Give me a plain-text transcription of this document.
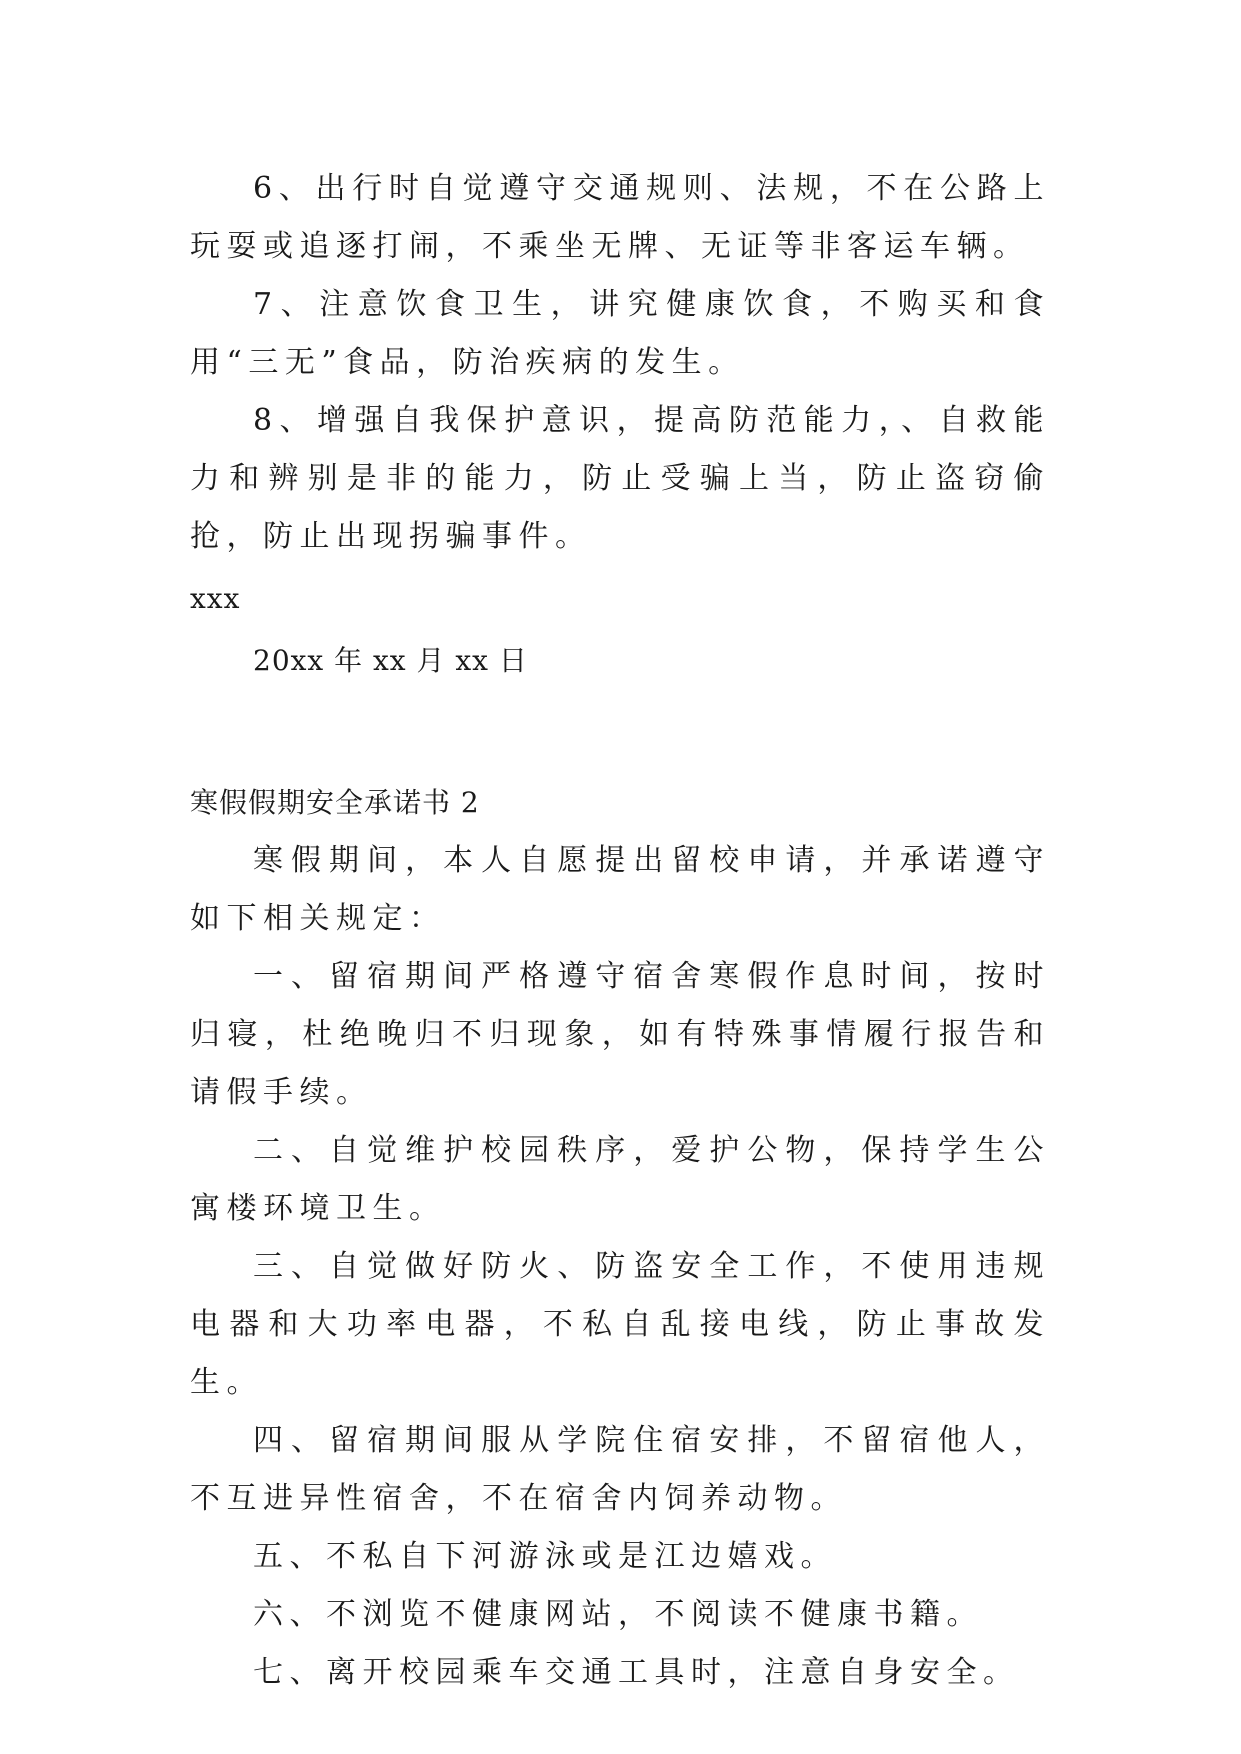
6、出行时自觉遵守交通规则、法规，不在公路上玩耍或追逐打闹，不乘坐无牌、无证等非客运车辆。

7、注意饮食卫生，讲究健康饮食，不购买和食用“三无”食品，防治疾病的发生。

8、增强自我保护意识，提高防范能力，、自救能力和辨别是非的能力，防止受骗上当，防止盗窃偷抢，防止出现拐骗事件。

xxx

20xx 年 xx 月 xx 日

寒假假期安全承诺书 2

寒假期间，本人自愿提出留校申请，并承诺遵守如下相关规定：

一、留宿期间严格遵守宿舍寒假作息时间，按时归寝，杜绝晚归不归现象，如有特殊事情履行报告和请假手续。

二、自觉维护校园秩序，爱护公物，保持学生公寓楼环境卫生。

三、自觉做好防火、防盗安全工作，不使用违规电器和大功率电器，不私自乱接电线，防止事故发生。

四、留宿期间服从学院住宿安排，不留宿他人，不互进异性宿舍，不在宿舍内饲养动物。

五、不私自下河游泳或是江边嬉戏。

六、不浏览不健康网站，不阅读不健康书籍。

七、离开校园乘车交通工具时，注意自身安全。
